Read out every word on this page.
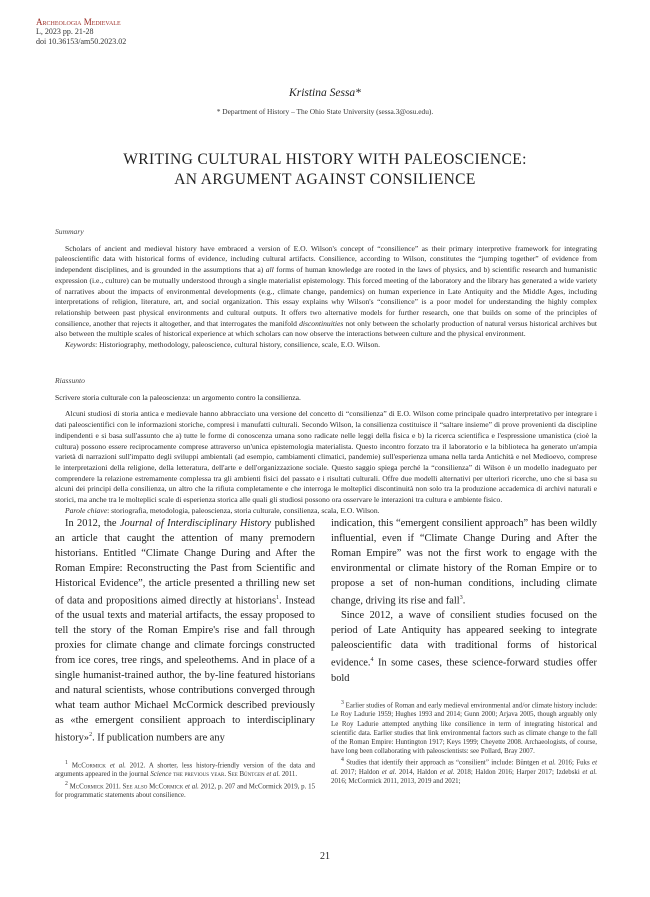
Archeologia Medievale
L, 2023 pp. 21-28
doi 10.36153/am50.2023.02
Kristina Sessa*
* Department of History – The Ohio State University (sessa.3@osu.edu).
WRITING CULTURAL HISTORY WITH PALEOSCIENCE:
AN ARGUMENT AGAINST CONSILIENCE

Summary

Scholars of ancient and medieval history have embraced a version of E.O. Wilson's concept of “consilience” as their primary interpretive framework for integrating paleoscientific data with historical forms of evidence, including cultural artifacts. Consilience, according to Wilson, constitutes the “jumping together” of evidence from independent disciplines, and is grounded in the assumptions that a) all forms of human knowledge are rooted in the laws of physics, and b) scientific research and humanistic expression (i.e., culture) can be mutually understood through a single materialist epistemology. This forced meeting of the laboratory and the library has generated a wide variety of narratives about the impacts of environmental developments (e.g., climate change, pandemics) on human experience in Late Antiquity and the Middle Ages, including interpretations of religion, literature, art, and social organization. This essay explains why Wilson's “consilience” is a poor model for understanding the highly complex relationship between past physical environments and cultural outputs. It offers two alternative models for further research, one that builds on some of the principles of consilience, another that rejects it altogether, and that interrogates the manifold discontinuities not only between the scholarly production of natural versus historical archives but also between the multiple scales of historical experience at which scholars can now observe the interactions between culture and the physical environment.

Keywords: Historiography, methodology, paleoscience, cultural history, consilience, scale, E.O. Wilson.

Riassunto

Scrivere storia culturale con la paleoscienza: un argomento contro la consilienza.

Alcuni studiosi di storia antica e medievale hanno abbracciato una versione del concetto di “consilienza” di E.O. Wilson come principale quadro interpretativo per integrare i dati paleoscientifici con le informazioni storiche, compresi i manufatti culturali. Secondo Wilson, la consilienza costituisce il “saltare insieme” di prove provenienti da discipline indipendenti e si basa sull'assunto che a) tutte le forme di conoscenza umana sono radicate nelle leggi della fisica e b) la ricerca scientifica e l'espressione umanistica (cioè la cultura) possono essere reciprocamente comprese attraverso un'unica epistemologia materialista. Questo incontro forzato tra il laboratorio e la biblioteca ha generato un'ampia varietà di narrazioni sull'impatto degli sviluppi ambientali (ad esempio, cambiamenti climatici, pandemie) sull'esperienza umana nella tarda Antichità e nel Medioevo, comprese le interpretazioni della religione, della letteratura, dell'arte e dell'organizzazione sociale. Questo saggio spiega perché la “consilienza” di Wilson è un modello inadeguato per comprendere la relazione estremamente complessa tra gli ambienti fisici del passato e i risultati culturali. Offre due modelli alternativi per ulteriori ricerche, uno che si basa su alcuni dei principi della consilienza, un altro che la rifiuta completamente e che interroga le molteplici discontinuità non solo tra la produzione accademica di archivi naturali e storici, ma anche tra le molteplici scale di esperienza storica alle quali gli studiosi possono ora osservare le interazioni tra cultura e ambiente fisico.

Parole chiave: storiografia, metodologia, paleoscienza, storia culturale, consilienza, scala, E.O. Wilson.

In 2012, the Journal of Interdisciplinary History published an article that caught the attention of many premodern historians. Entitled “Climate Change During and After the Roman Empire: Reconstructing the Past from Scientific and Historical Evidence”, the article presented a thrilling new set of data and propositions aimed directly at historians$^1$. Instead of the usual texts and material artifacts, the essay proposed to tell the story of the Roman Empire's rise and fall through proxies for climate change and climate forcings constructed from ice cores, tree rings, and speleothems. And in place of a single humanist-trained author, the by-line featured historians and natural scientists, whose contributions converged through what team author Michael McCormick described previously as «the emergent consilient approach to interdisciplinary history»$^2$. If publication numbers are any

$^1$ McCormick et al. 2012. A shorter, less history-friendly version of the data and arguments appeared in the journal Science the previous year. See Büntgen et al. 2011.

$^2$ McCormick 2011. See also McCormick et al. 2012, p. 207 and McCormick 2019, p. 15 for programmatic statements about consilience.

indication, this “emergent consilient approach” has been wildly influential, even if “Climate Change During and After the Roman Empire” was not the first work to engage with the environmental or climate history of the Roman Empire or to propose a set of non-human conditions, including climate change, driving its rise and fall$^3$.

Since 2012, a wave of consilient studies focused on the period of Late Antiquity has appeared seeking to integrate paleoscientific data with traditional forms of historical evidence.$^4$ In some cases, these science-forward studies offer bold

$^3$ Earlier studies of Roman and early medieval environmental and/or climate history include: Le Roy Ladurie 1959; Hughes 1993 and 2014; Gunn 2000; Arjava 2005, though arguably only Le Roy Ladurie attempted anything like consilience in term of integrating historical and scientific data. Earlier studies that link environmental factors such as climate change to the fall of the Roman Empire: Huntington 1917; Keys 1999; Cheyette 2008. Archaeologists, of course, have long been collaborating with paleoscientists: see Pollard, Bray 2007.

$^4$ Studies that identify their approach as “consilient” include: Büntgen et al. 2016; Fuks et al. 2017; Haldon et al. 2014, Haldon et al. 2018; Haldon 2016; Harper 2017; Izdebski et al. 2016; McCormick 2011, 2013, 2019 and 2021;

21
